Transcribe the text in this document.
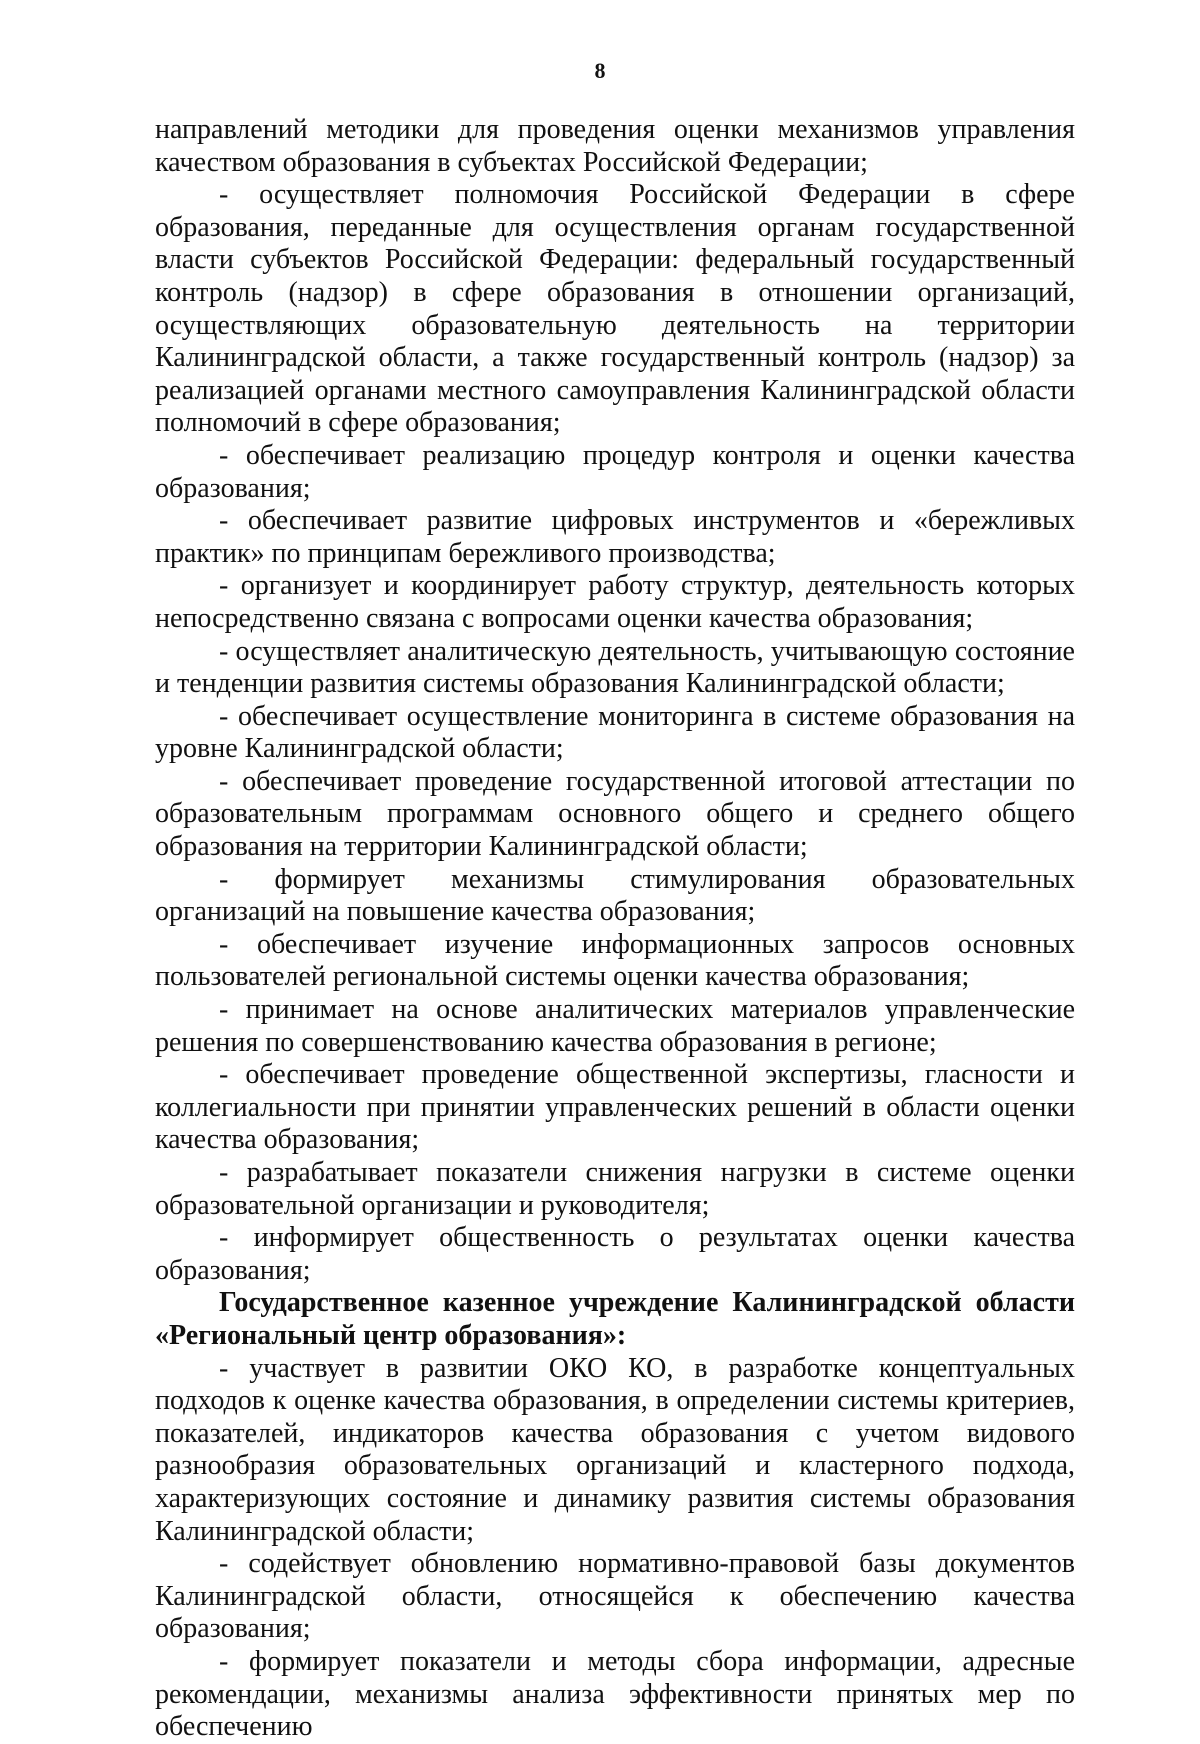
8

направлений методики для проведения оценки механизмов управления качеством образования в субъектах Российской Федерации;

- осуществляет полномочия Российской Федерации в сфере образования, переданные для осуществления органам государственной власти субъектов Российской Федерации: федеральный государственный контроль (надзор) в сфере образования в отношении организаций, осуществляющих образовательную деятельность на территории Калининградской области, а также государственный контроль (надзор) за реализацией органами местного самоуправления Калининградской области полномочий в сфере образования;

- обеспечивает реализацию процедур контроля и оценки качества образования;

- обеспечивает развитие цифровых инструментов и «бережливых практик» по принципам бережливого производства;

- организует и координирует работу структур, деятельность которых непосредственно связана с вопросами оценки качества образования;

- осуществляет аналитическую деятельность, учитывающую состояние и тенденции развития системы образования Калининградской области;

- обеспечивает осуществление мониторинга в системе образования на уровне Калининградской области;

- обеспечивает проведение государственной итоговой аттестации по образовательным программам основного общего и среднего общего образования на территории Калининградской области;

- формирует механизмы стимулирования образовательных организаций на повышение качества образования;

- обеспечивает изучение информационных запросов основных пользователей региональной системы оценки качества образования;

- принимает на основе аналитических материалов управленческие решения по совершенствованию качества образования в регионе;

- обеспечивает проведение общественной экспертизы, гласности и коллегиальности при принятии управленческих решений в области оценки качества образования;

- разрабатывает показатели снижения нагрузки в системе оценки образовательной организации и руководителя;

- информирует общественность о результатах оценки качества образования;

Государственное казенное учреждение Калининградской области «Региональный центр образования»:

- участвует в развитии ОКО КО, в разработке концептуальных подходов к оценке качества образования, в определении системы критериев, показателей, индикаторов качества образования с учетом видового разнообразия образовательных организаций и кластерного подхода, характеризующих состояние и динамику развития системы образования Калининградской области;

- содействует обновлению нормативно-правовой базы документов Калининградской области, относящейся к обеспечению качества образования;

- формирует показатели и методы сбора информации, адресные рекомендации, механизмы анализа эффективности принятых мер по обеспечению
